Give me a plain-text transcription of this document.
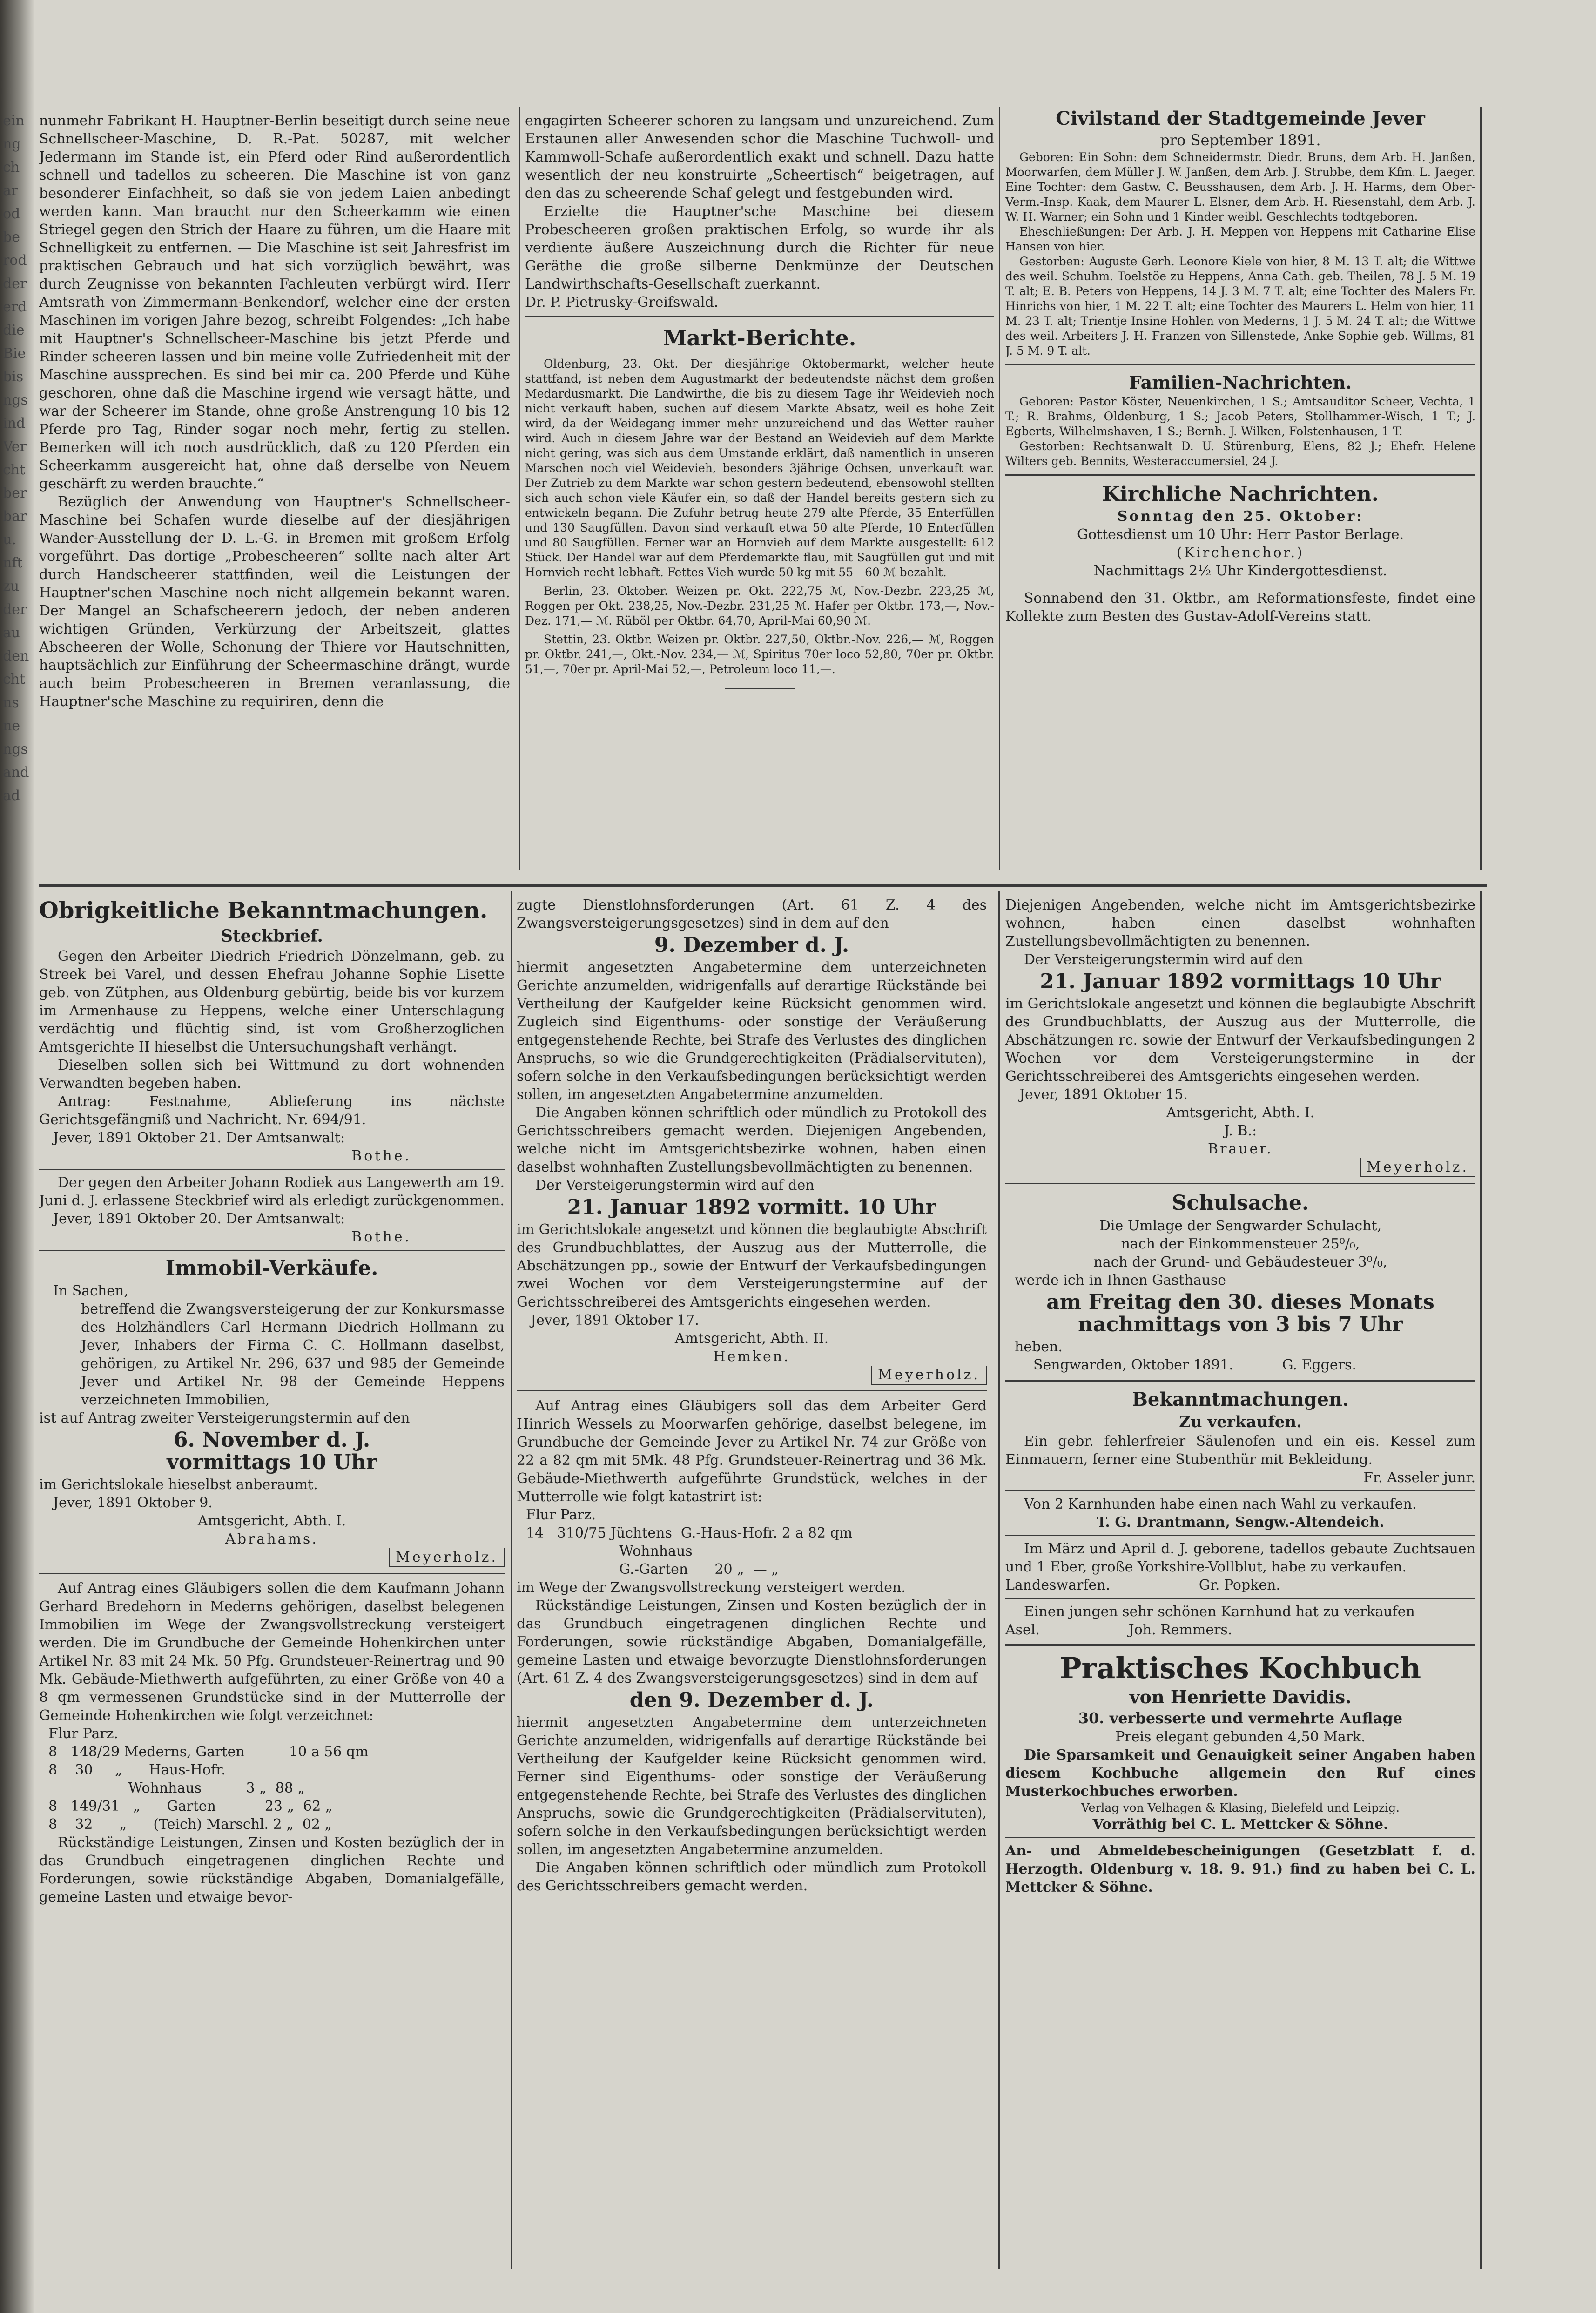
ein
ng
ch
ar
od
be
rod
der
erd
die
Bie
bis
ngs
ind
Ver
cht
ber
bar
u.
nft
zu
der
au
den
cht
ns
ne
ngs
and
ad

nunmehr Fabrikant H. Hauptner-Berlin beseitigt durch seine neue Schnellscheer-Maschine, D. R.-Pat. 50287, mit welcher Jedermann im Stande ist, ein Pferd oder Rind außerordentlich schnell und tadellos zu scheeren. Die Maschine ist von ganz besonderer Einfachheit, so daß sie von jedem Laien anbedingt werden kann. Man braucht nur den Scheerkamm wie einen Striegel gegen den Strich der Haare zu führen, um die Haare mit Schnelligkeit zu entfernen. — Die Maschine ist seit Jahresfrist im praktischen Gebrauch und hat sich vorzüglich bewährt, was durch Zeugnisse von bekannten Fachleuten verbürgt wird. Herr Amtsrath von Zimmermann-Benkendorf, welcher eine der ersten Maschinen im vorigen Jahre bezog, schreibt Folgendes: „Ich habe mit Hauptner's Schnellscheer-Maschine bis jetzt Pferde und Rinder scheeren lassen und bin meine volle Zufriedenheit mit der Maschine aussprechen. Es sind bei mir ca. 200 Pferde und Kühe geschoren, ohne daß die Maschine irgend wie versagt hätte, und war der Scheerer im Stande, ohne große Anstrengung 10 bis 12 Pferde pro Tag, Rinder sogar noch mehr, fertig zu stellen. Bemerken will ich noch ausdrücklich, daß zu 120 Pferden ein Scheerkamm ausgereicht hat, ohne daß derselbe von Neuem geschärft zu werden brauchte.“

Bezüglich der Anwendung von Hauptner's Schnellscheer-Maschine bei Schafen wurde dieselbe auf der diesjährigen Wander-Ausstellung der D. L.-G. in Bremen mit großem Erfolg vorgeführt. Das dortige „Probescheeren“ sollte nach alter Art durch Handscheerer stattfinden, weil die Leistungen der Hauptner'schen Maschine noch nicht allgemein bekannt waren. Der Mangel an Schafscheerern jedoch, der neben anderen wichtigen Gründen, Verkürzung der Arbeitszeit, glattes Abscheeren der Wolle, Schonung der Thiere vor Hautschnitten, hauptsächlich zur Einführung der Scheermaschine drängt, wurde auch beim Probescheeren in Bremen veranlassung, die Hauptner'sche Maschine zu requiriren, denn die

engagirten Scheerer schoren zu langsam und unzureichend. Zum Erstaunen aller Anwesenden schor die Maschine Tuchwoll- und Kammwoll-Schafe außerordentlich exakt und schnell. Dazu hatte wesentlich der neu konstruirte „Scheertisch“ beigetragen, auf den das zu scheerende Schaf gelegt und festgebunden wird.

Erzielte die Hauptner'sche Maschine bei diesem Probescheeren großen praktischen Erfolg, so wurde ihr als verdiente äußere Auszeichnung durch die Richter für neue Geräthe die große silberne Denkmünze der Deutschen Landwirthschafts-Gesellschaft zuerkannt.

Dr. P. Pietrusky-Greifswald.

Markt-Berichte.

Oldenburg, 23. Okt. Der diesjährige Oktobermarkt, welcher heute stattfand, ist neben dem Augustmarkt der bedeutendste nächst dem großen Medardusmarkt. Die Landwirthe, die bis zu diesem Tage ihr Weidevieh noch nicht verkauft haben, suchen auf diesem Markte Absatz, weil es hohe Zeit wird, da der Weidegang immer mehr unzureichend und das Wetter rauher wird. Auch in diesem Jahre war der Bestand an Weidevieh auf dem Markte nicht gering, was sich aus dem Umstande erklärt, daß namentlich in unseren Marschen noch viel Weidevieh, besonders 3jährige Ochsen, unverkauft war. Der Zutrieb zu dem Markte war schon gestern bedeutend, ebensowohl stellten sich auch schon viele Käufer ein, so daß der Handel bereits gestern sich zu entwickeln begann. Die Zufuhr betrug heute 279 alte Pferde, 35 Enterfüllen und 130 Saugfüllen. Davon sind verkauft etwa 50 alte Pferde, 10 Enterfüllen und 80 Saugfüllen. Ferner war an Hornvieh auf dem Markte ausgestellt: 612 Stück. Der Handel war auf dem Pferdemarkte flau, mit Saugfüllen gut und mit Hornvieh recht lebhaft. Fettes Vieh wurde 50 kg mit 55—60 ℳ bezahlt.

Berlin, 23. Oktober. Weizen pr. Okt. 222,75 ℳ, Nov.-Dezbr. 223,25 ℳ, Roggen per Okt. 238,25, Nov.-Dezbr. 231,25 ℳ. Hafer per Oktbr. 173,—, Nov.-Dez. 171,— ℳ. Rüböl per Oktbr. 64,70, April-Mai 60,90 ℳ.

Stettin, 23. Oktbr. Weizen pr. Oktbr. 227,50, Oktbr.-Nov. 226,— ℳ, Roggen pr. Oktbr. 241,—, Okt.-Nov. 234,— ℳ, Spiritus 70er loco 52,80, 70er pr. Oktbr. 51,—, 70er pr. April-Mai 52,—, Petroleum loco 11,—.

Civilstand der Stadtgemeinde Jever
pro September 1891.

Geboren: Ein Sohn: dem Schneidermstr. Diedr. Bruns, dem Arb. H. Janßen, Moorwarfen, dem Müller J. W. Janßen, dem Arb. J. Strubbe, dem Kfm. L. Jaeger. Eine Tochter: dem Gastw. C. Beusshausen, dem Arb. J. H. Harms, dem Ober-Verm.-Insp. Kaak, dem Maurer L. Elsner, dem Arb. H. Riesenstahl, dem Arb. J. W. H. Warner; ein Sohn und 1 Kinder weibl. Geschlechts todtgeboren.

Eheschließungen: Der Arb. J. H. Meppen von Heppens mit Catharine Elise Hansen von hier.

Gestorben: Auguste Gerh. Leonore Kiele von hier, 8 M. 13 T. alt; die Wittwe des weil. Schuhm. Toelstöe zu Heppens, Anna Cath. geb. Theilen, 78 J. 5 M. 19 T. alt; E. B. Peters von Heppens, 14 J. 3 M. 7 T. alt; eine Tochter des Malers Fr. Hinrichs von hier, 1 M. 22 T. alt; eine Tochter des Maurers L. Helm von hier, 11 M. 23 T. alt; Trientje Insine Hohlen von Mederns, 1 J. 5 M. 24 T. alt; die Wittwe des weil. Arbeiters J. H. Franzen von Sillenstede, Anke Sophie geb. Willms, 81 J. 5 M. 9 T. alt.

Familien-Nachrichten.

Geboren: Pastor Köster, Neuenkirchen, 1 S.; Amtsauditor Scheer, Vechta, 1 T.; R. Brahms, Oldenburg, 1 S.; Jacob Peters, Stollhammer-Wisch, 1 T.; J. Egberts, Wilhelmshaven, 1 S.; Bernh. J. Wilken, Folstenhausen, 1 T.

Gestorben: Rechtsanwalt D. U. Stürenburg, Elens, 82 J.; Ehefr. Helene Wilters geb. Bennits, Westeraccumersiel, 24 J.

Kirchliche Nachrichten.
Sonntag den 25. Oktober:
Gottesdienst um 10 Uhr: Herr Pastor Berlage.
(Kirchenchor.)
Nachmittags 2½ Uhr Kindergottesdienst.

Sonnabend den 31. Oktbr., am Reformationsfeste, findet eine Kollekte zum Besten des Gustav-Adolf-Vereins statt.

Obrigkeitliche Bekanntmachungen.
Steckbrief.

Gegen den Arbeiter Diedrich Friedrich Dönzelmann, geb. zu Streek bei Varel, und dessen Ehefrau Johanne Sophie Lisette geb. von Zütphen, aus Oldenburg gebürtig, beide bis vor kurzem im Armenhause zu Heppens, welche einer Unterschlagung verdächtig und flüchtig sind, ist vom Großherzoglichen Amtsgerichte II hieselbst die Untersuchungshaft verhängt.

Dieselben sollen sich bei Wittmund zu dort wohnenden Verwandten begeben haben.

Antrag: Festnahme, Ablieferung ins nächste Gerichtsgefängniß und Nachricht. Nr. 694/91.

Jever, 1891 Oktober 21. Der Amtsanwalt:
Bothe.

Der gegen den Arbeiter Johann Rodiek aus Langewerth am 19. Juni d. J. erlassene Steckbrief wird als erledigt zurückgenommen.

Jever, 1891 Oktober 20. Der Amtsanwalt:
Bothe.
Immobil-Verkäufe.
In Sachen,

betreffend die Zwangsversteigerung der zur Konkursmasse des Holzhändlers Carl Hermann Diedrich Hollmann zu Jever, Inhabers der Firma C. C. Hollmann daselbst, gehörigen, zu Artikel Nr. 296, 637 und 985 der Gemeinde Jever und Artikel Nr. 98 der Gemeinde Heppens verzeichneten Immobilien,

ist auf Antrag zweiter Versteigerungstermin auf den

6. November d. J.
vormittags 10 Uhr
im Gerichtslokale hieselbst anberaumt.
Jever, 1891 Oktober 9.
Amtsgericht, Abth. I.
Abrahams.
Meyerholz.

Auf Antrag eines Gläubigers sollen die dem Kaufmann Johann Gerhard Bredehorn in Mederns gehörigen, daselbst belegenen Immobilien im Wege der Zwangsvollstreckung versteigert werden. Die im Grundbuche der Gemeinde Hohenkirchen unter Artikel Nr. 83 mit 24 Mk. 50 Pfg. Grundsteuer-Reinertrag und 90 Mk. Gebäude-Miethwerth aufgeführten, zu einer Größe von 40 a 8 qm vermessenen Grundstücke sind in der Mutterrolle der Gemeinde Hohenkirchen wie folgt verzeichnet:

Flur Parz.
8   148/29 Mederns, Garten          10 a 56 qm
8    30     „      Haus-Hofr.
Wohnhaus          3 „  88 „
8   149/31   „      Garten           23 „  62 „
8    32      „      (Teich) Marschl. 2 „  02 „

Rückständige Leistungen, Zinsen und Kosten bezüglich der in das Grundbuch eingetragenen dinglichen Rechte und Forderungen, sowie rückständige Abgaben, Domanialgefälle, gemeine Lasten und etwaige bevor-

zugte Dienstlohnsforderungen (Art. 61 Z. 4 des Zwangsversteigerungsgesetzes) sind in dem auf den

9. Dezember d. J.

hiermit angesetzten Angabetermine dem unterzeichneten Gerichte anzumelden, widrigenfalls auf derartige Rückstände bei Vertheilung der Kaufgelder keine Rücksicht genommen wird. Zugleich sind Eigenthums- oder sonstige der Veräußerung entgegenstehende Rechte, bei Strafe des Verlustes des dinglichen Anspruchs, so wie die Grundgerechtigkeiten (Prädialservituten), sofern solche in den Verkaufsbedingungen berücksichtigt werden sollen, im angesetzten Angabetermine anzumelden.

Die Angaben können schriftlich oder mündlich zu Protokoll des Gerichtsschreibers gemacht werden. Diejenigen Angebenden, welche nicht im Amtsgerichtsbezirke wohnen, haben einen daselbst wohnhaften Zustellungsbevollmächtigten zu benennen.

Der Versteigerungstermin wird auf den

21. Januar 1892 vormitt. 10 Uhr

im Gerichtslokale angesetzt und können die beglaubigte Abschrift des Grundbuchblattes, der Auszug aus der Mutterrolle, die Abschätzungen pp., sowie der Entwurf der Verkaufsbedingungen zwei Wochen vor dem Versteigerungstermine auf der Gerichtsschreiberei des Amtsgerichts eingesehen werden.

Jever, 1891 Oktober 17.
Amtsgericht, Abth. II.
Hemken.
Meyerholz.

Auf Antrag eines Gläubigers soll das dem Arbeiter Gerd Hinrich Wessels zu Moorwarfen gehörige, daselbst belegene, im Grundbuche der Gemeinde Jever zu Artikel Nr. 74 zur Größe von 22 a 82 qm mit 5Mk. 48 Pfg. Grundsteuer-Reinertrag und 36 Mk. Gebäude-Miethwerth aufgeführte Grundstück, welches in der Mutterrolle wie folgt katastrirt ist:

Flur Parz.
14   310/75 Jüchtens  G.-Haus-Hofr. 2 a 82 qm
Wohnhaus
G.-Garten      20 „  — „

im Wege der Zwangsvollstreckung versteigert werden.

Rückständige Leistungen, Zinsen und Kosten bezüglich der in das Grundbuch eingetragenen dinglichen Rechte und Forderungen, sowie rückständige Abgaben, Domanialgefälle, gemeine Lasten und etwaige bevorzugte Dienstlohnsforderungen (Art. 61 Z. 4 des Zwangsversteigerungsgesetzes) sind in dem auf

den 9. Dezember d. J.

hiermit angesetzten Angabetermine dem unterzeichneten Gerichte anzumelden, widrigenfalls auf derartige Rückstände bei Vertheilung der Kaufgelder keine Rücksicht genommen wird. Ferner sind Eigenthums- oder sonstige der Veräußerung entgegenstehende Rechte, bei Strafe des Verlustes des dinglichen Anspruchs, sowie die Grundgerechtigkeiten (Prädialservituten), sofern solche in den Verkaufsbedingungen berücksichtigt werden sollen, im angesetzten Angabetermine anzumelden.

Die Angaben können schriftlich oder mündlich zum Protokoll des Gerichtsschreibers gemacht werden.

Diejenigen Angebenden, welche nicht im Amtsgerichtsbezirke wohnen, haben einen daselbst wohnhaften Zustellungsbevollmächtigten zu benennen.

Der Versteigerungstermin wird auf den

21. Januar 1892 vormittags 10 Uhr

im Gerichtslokale angesetzt und können die beglaubigte Abschrift des Grundbuchblatts, der Auszug aus der Mutterrolle, die Abschätzungen rc. sowie der Entwurf der Verkaufsbedingungen 2 Wochen vor dem Versteigerungstermine in der Gerichtsschreiberei des Amtsgerichts eingesehen werden.

Jever, 1891 Oktober 15.
Amtsgericht, Abth. I.
J. B.:
Brauer.
Meyerholz.
Schulsache.
Die Umlage der Sengwarder Schulacht,
nach der Einkommensteuer 25⁰/₀,
nach der Grund- und Gebäudesteuer 3⁰/₀,
werde ich in Ihnen Gasthause
am Freitag den 30. dieses Monats
nachmittags von 3 bis 7 Uhr
heben.
Sengwarden, Oktober 1891.           G. Eggers.
Bekanntmachungen.
Zu verkaufen.

Ein gebr. fehlerfreier Säulenofen und ein eis. Kessel zum Einmauern, ferner eine Stubenthür mit Bekleidung.

Fr. Asseler junr.

Von 2 Karnhunden habe einen nach Wahl zu verkaufen.

T. G. Drantmann, Sengw.-Altendeich.

Im März und April d. J. geborene, tadellos gebaute Zuchtsauen und 1 Eber, große Yorkshire-Vollblut, habe zu verkaufen.

Landeswarfen.                    Gr. Popken.

Einen jungen sehr schönen Karnhund hat zu verkaufen

Asel.                    Joh. Remmers.
Praktisches Kochbuch
von Henriette Davidis.
30. verbesserte und vermehrte Auflage
Preis elegant gebunden 4,50 Mark.

Die Sparsamkeit und Genauigkeit seiner Angaben haben diesem Kochbuche allgemein den Ruf eines Musterkochbuches erworben.

Verlag von Velhagen & Klasing, Bielefeld und Leipzig.
Vorräthig bei C. L. Mettcker & Söhne.

An- und Abmeldebescheinigungen (Gesetzblatt f. d. Herzogth. Oldenburg v. 18. 9. 91.) find zu haben bei C. L. Mettcker & Söhne.
